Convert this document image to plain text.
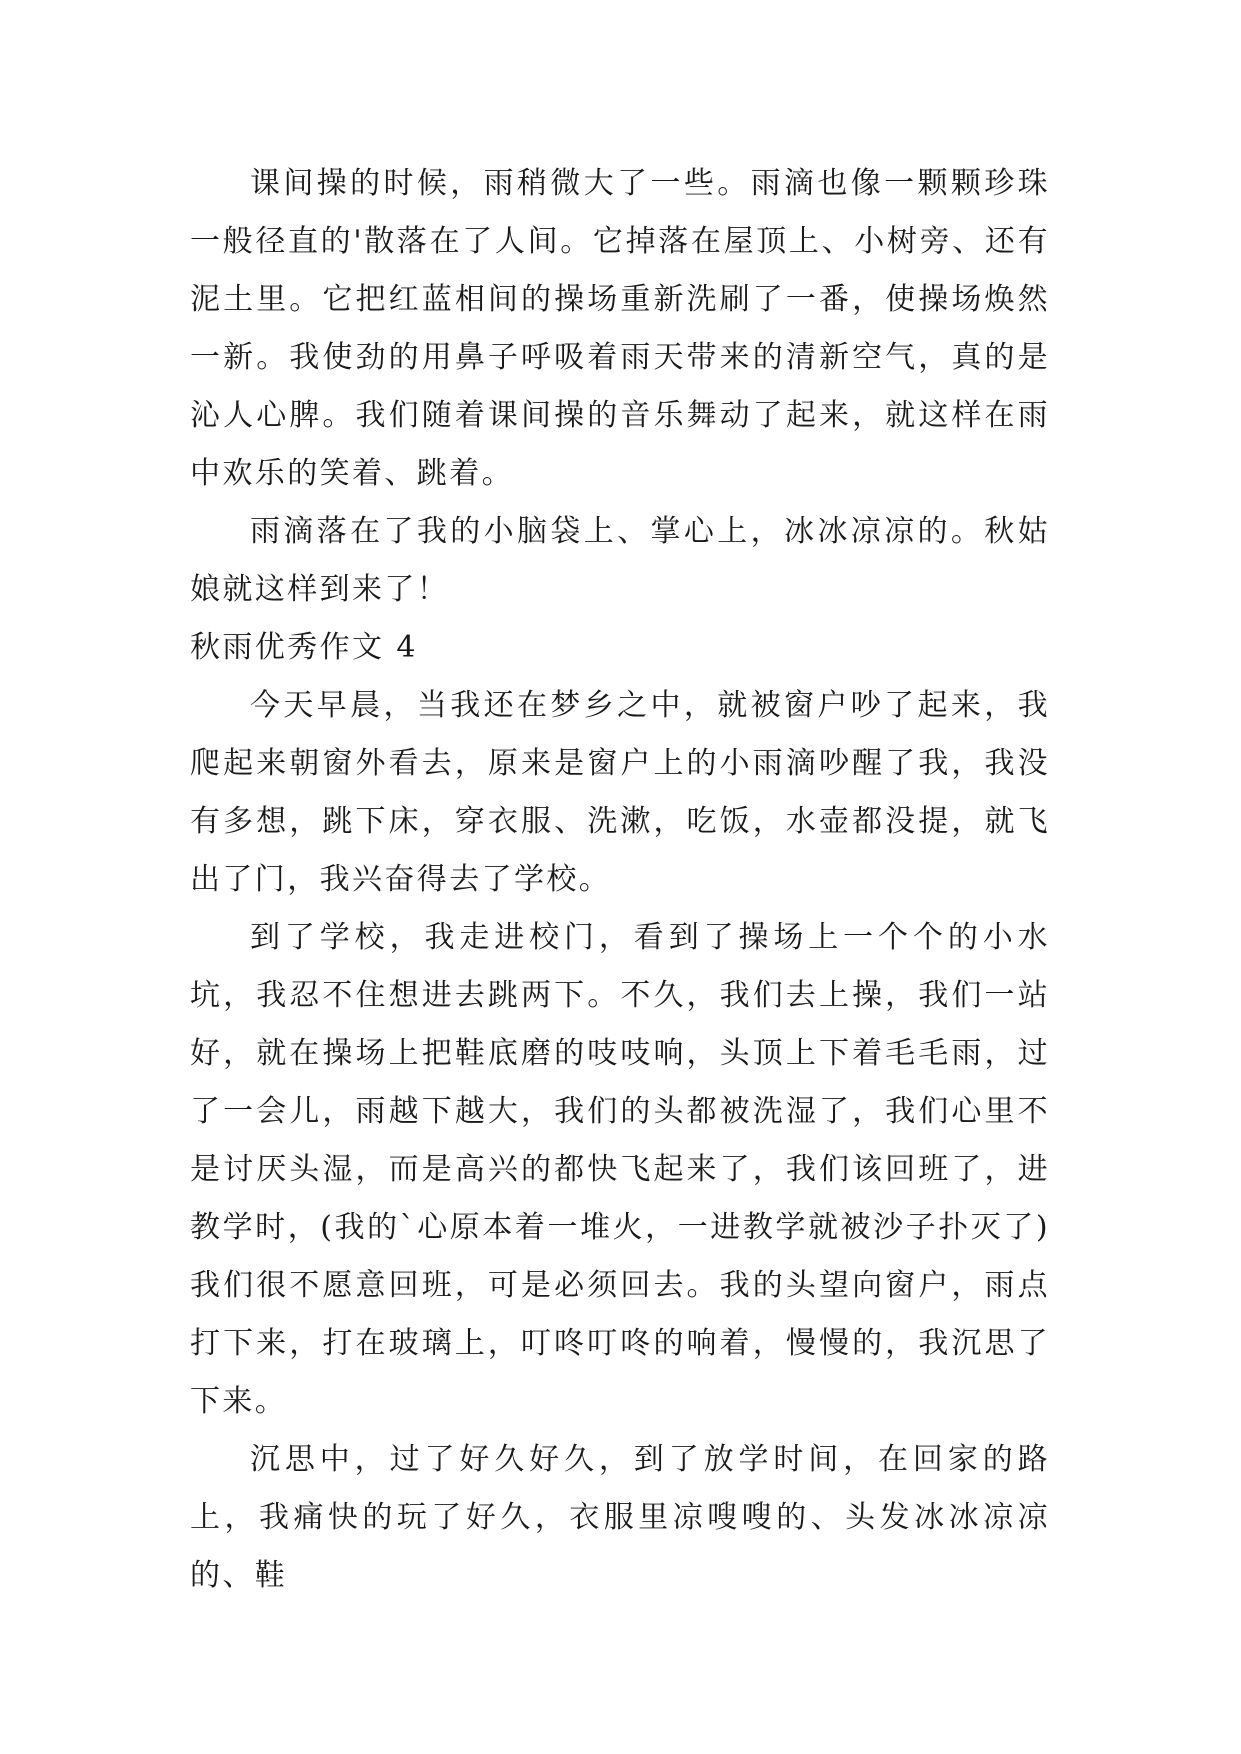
课间操的时候，雨稍微大了一些。雨滴也像一颗颗珍珠一般径直的'散落在了人间。它掉落在屋顶上、小树旁、还有泥土里。它把红蓝相间的操场重新洗刷了一番，使操场焕然一新。我使劲的用鼻子呼吸着雨天带来的清新空气，真的是沁人心脾。我们随着课间操的音乐舞动了起来，就这样在雨中欢乐的笑着、跳着。

雨滴落在了我的小脑袋上、掌心上，冰冰凉凉的。秋姑娘就这样到来了！

秋雨优秀作文 4

今天早晨，当我还在梦乡之中，就被窗户吵了起来，我爬起来朝窗外看去，原来是窗户上的小雨滴吵醒了我，我没有多想，跳下床，穿衣服、洗漱，吃饭，水壶都没提，就飞出了门，我兴奋得去了学校。

到了学校，我走进校门，看到了操场上一个个的小水坑，我忍不住想进去跳两下。不久，我们去上操，我们一站好，就在操场上把鞋底磨的吱吱响，头顶上下着毛毛雨，过了一会儿，雨越下越大，我们的头都被洗湿了，我们心里不是讨厌头湿，而是高兴的都快飞起来了，我们该回班了，进教学时，(我的`心原本着一堆火，一进教学就被沙子扑灭了)我们很不愿意回班，可是必须回去。我的头望向窗户，雨点打下来，打在玻璃上，叮咚叮咚的响着，慢慢的，我沉思了下来。

沉思中，过了好久好久，到了放学时间，在回家的路上，我痛快的玩了好久，衣服里凉嗖嗖的、头发冰冰凉凉的、鞋
